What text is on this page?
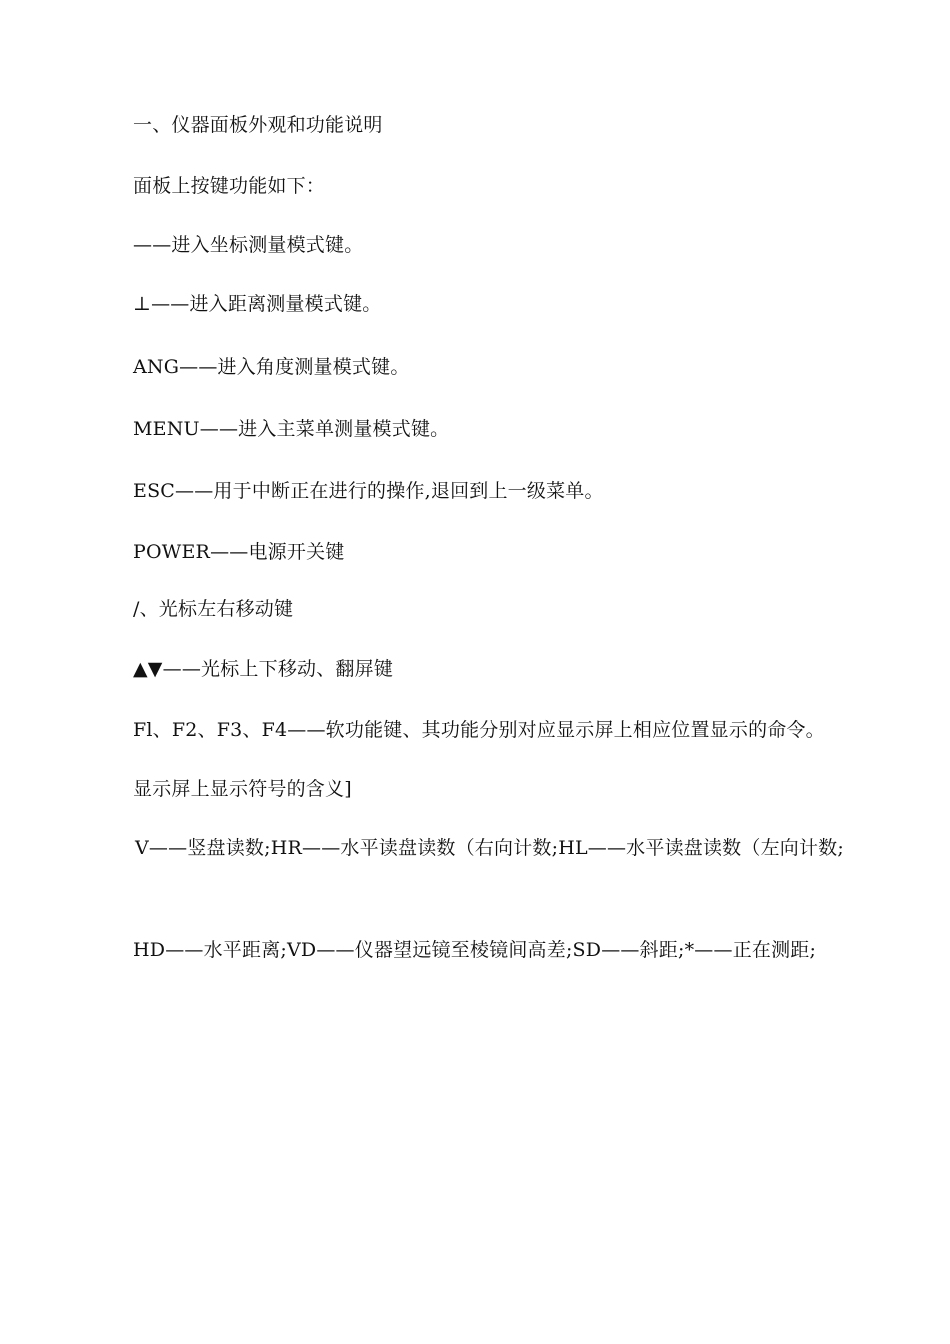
一、仪器面板外观和功能说明
面板上按键功能如下：
——进入坐标测量模式键。
⊥——进入距离测量模式键。
ANG——进入角度测量模式键。
MENU——进入主菜单测量模式键。
ESC——用于中断正在进行的操作,退回到上一级菜单。
POWER——电源开关键
/、光标左右移动键
▲▼——光标上下移动、翻屏键
Fl、F2、F3、F4——软功能键、其功能分别对应显示屏上相应位置显示的命令。
显示屏上显示符号的含义]
V——竖盘读数;HR——水平读盘读数（右向计数;HL——水平读盘读数（左向计数;
HD——水平距离;VD——仪器望远镜至棱镜间高差;SD——斜距;*——正在测距;
